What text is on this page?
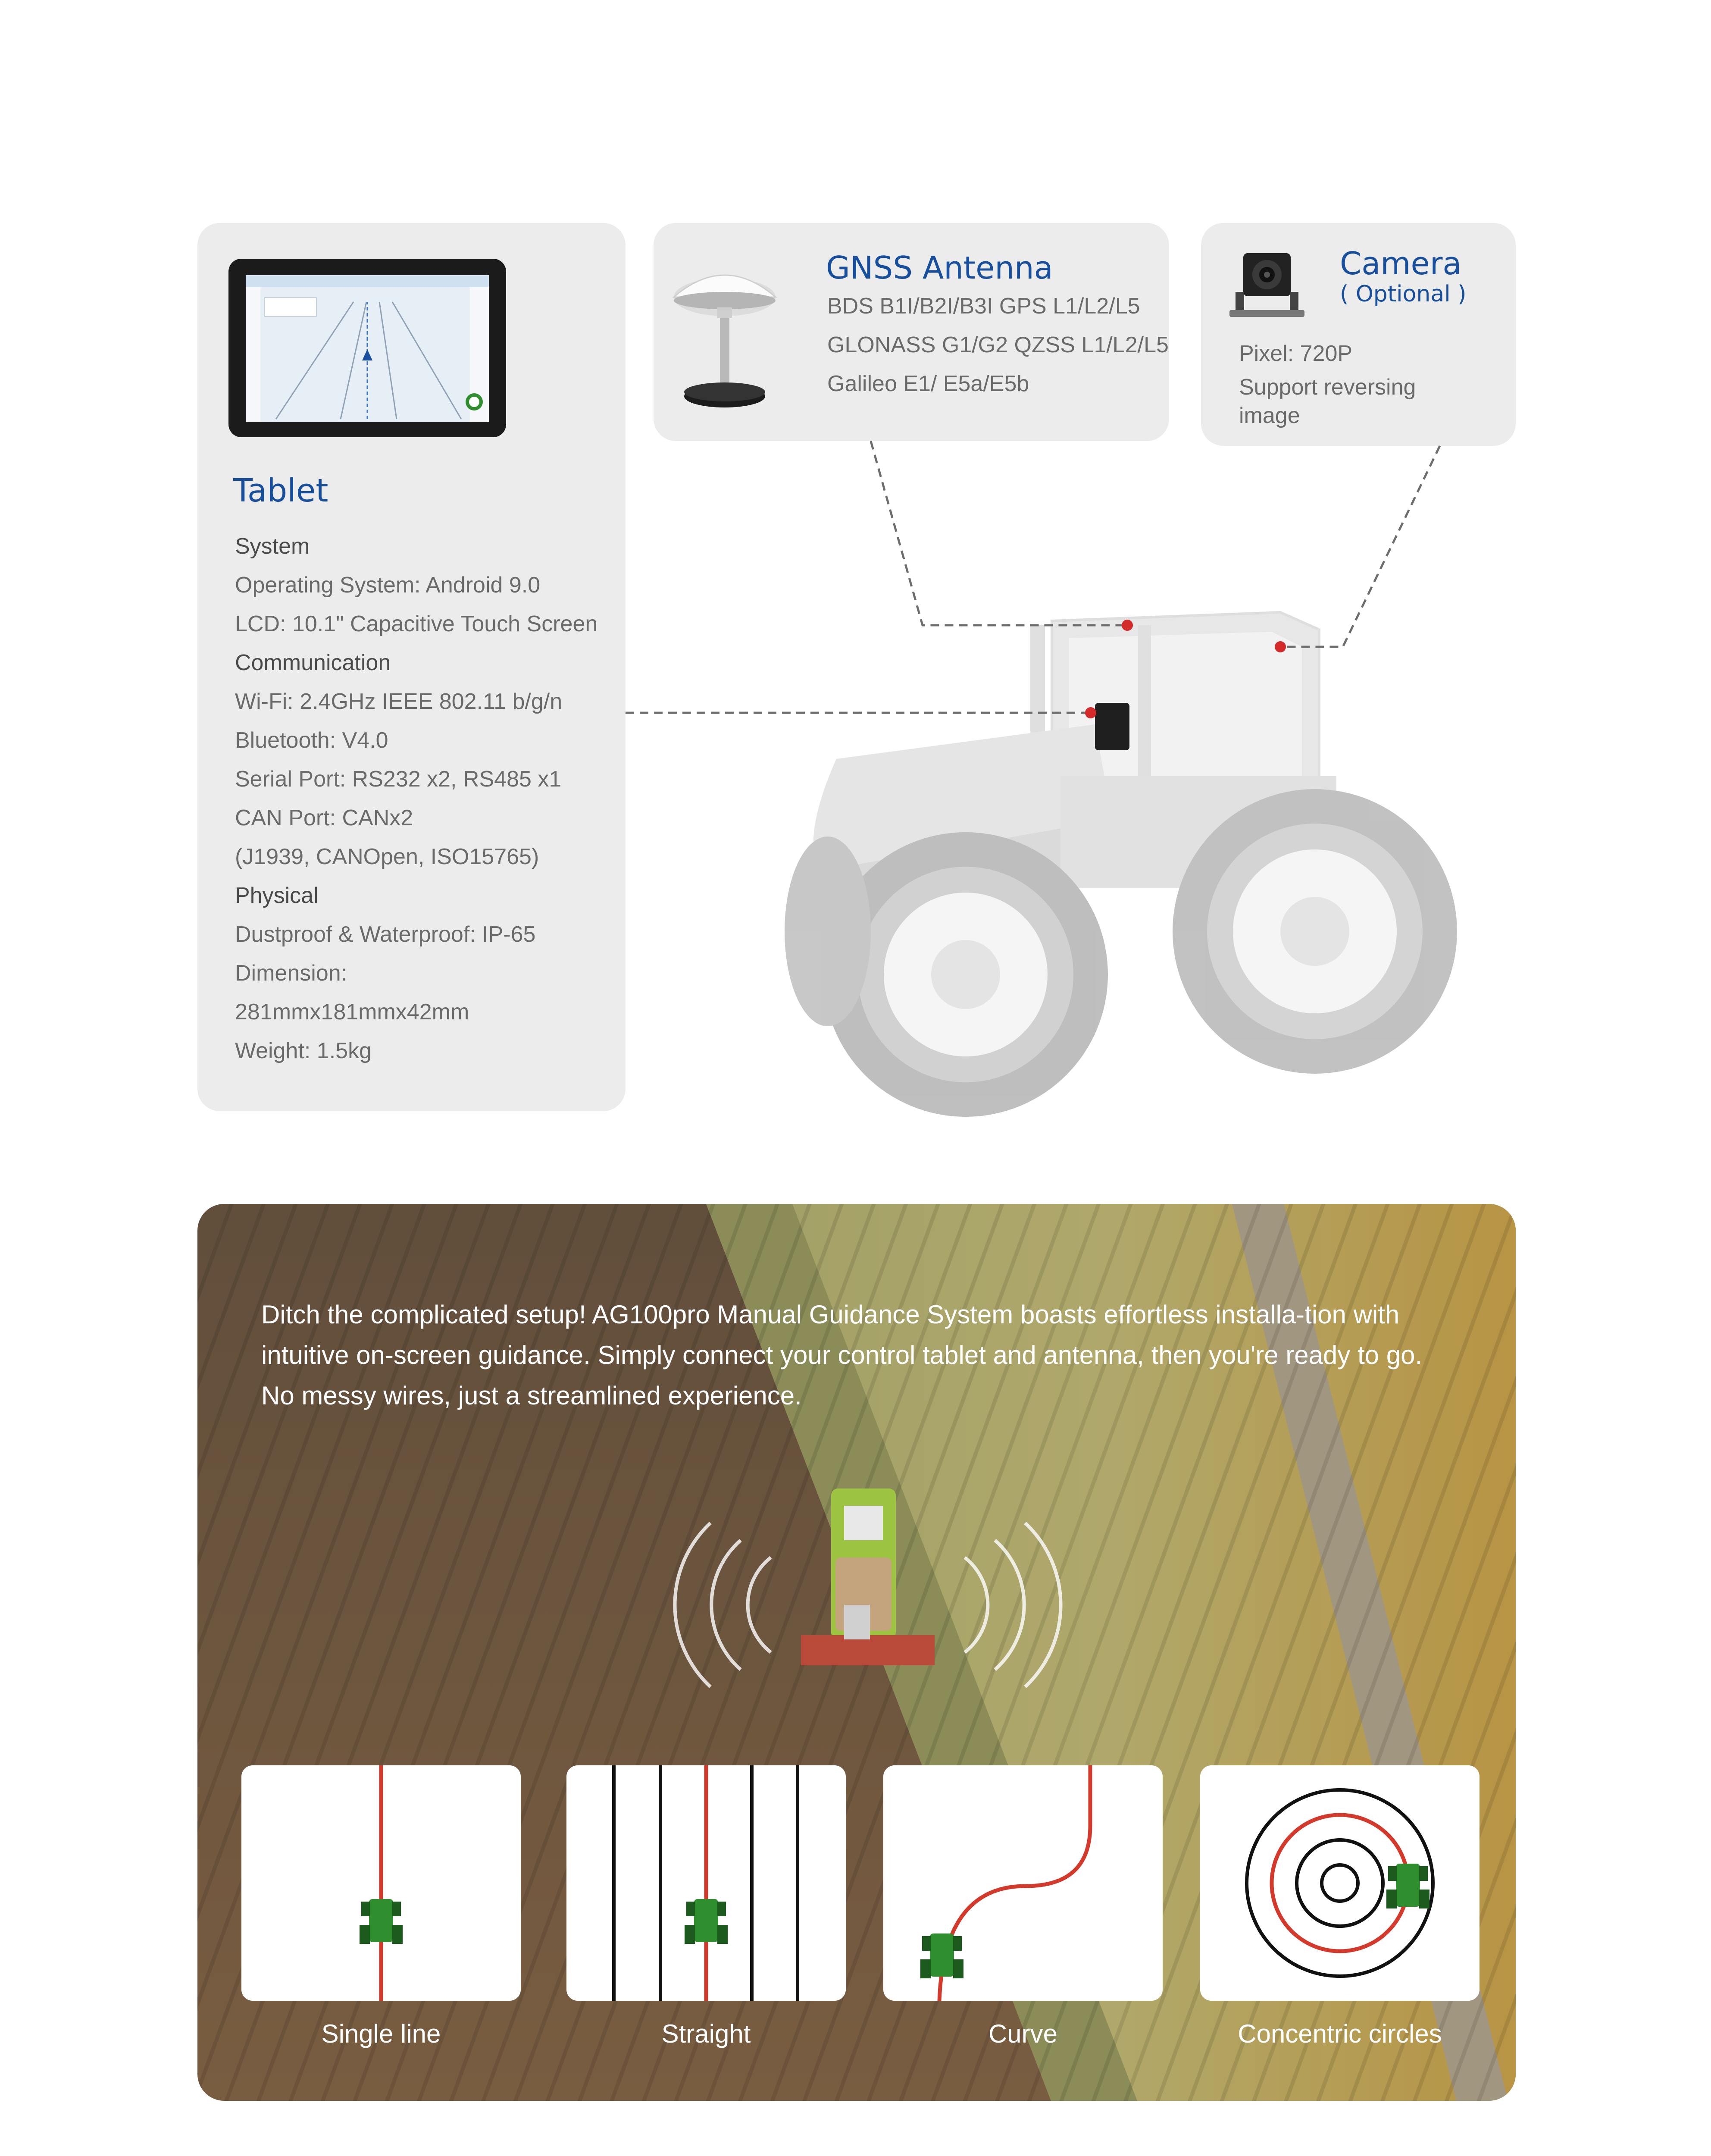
Tablet
System
Operating System: Android 9.0
LCD: 10.1" Capacitive Touch Screen
Communication
Wi-Fi: 2.4GHz IEEE 802.11 b/g/n
Bluetooth: V4.0
Serial Port: RS232 x2, RS485 x1
CAN Port: CANx2
(J1939, CANOpen, ISO15765)
Physical
Dustproof & Waterproof: IP-65
Dimension:
281mmx181mmx42mm
Weight: 1.5kg
GNSS Antenna
BDS B1I/B2I/B3I GPS L1/L2/L5
GLONASS G1/G2 QZSS L1/L2/L5
Galileo E1/ E5a/E5b
Camera
( Optional )
Pixel: 720P
Support reversing
image
Ditch the complicated setup! AG100pro Manual Guidance System boasts effortless installa-tion with intuitive on-screen guidance. Simply connect your control tablet and antenna, then you're ready to go. No messy wires, just a streamlined experience.
Single line	Straight	Curve	Concentric circles
